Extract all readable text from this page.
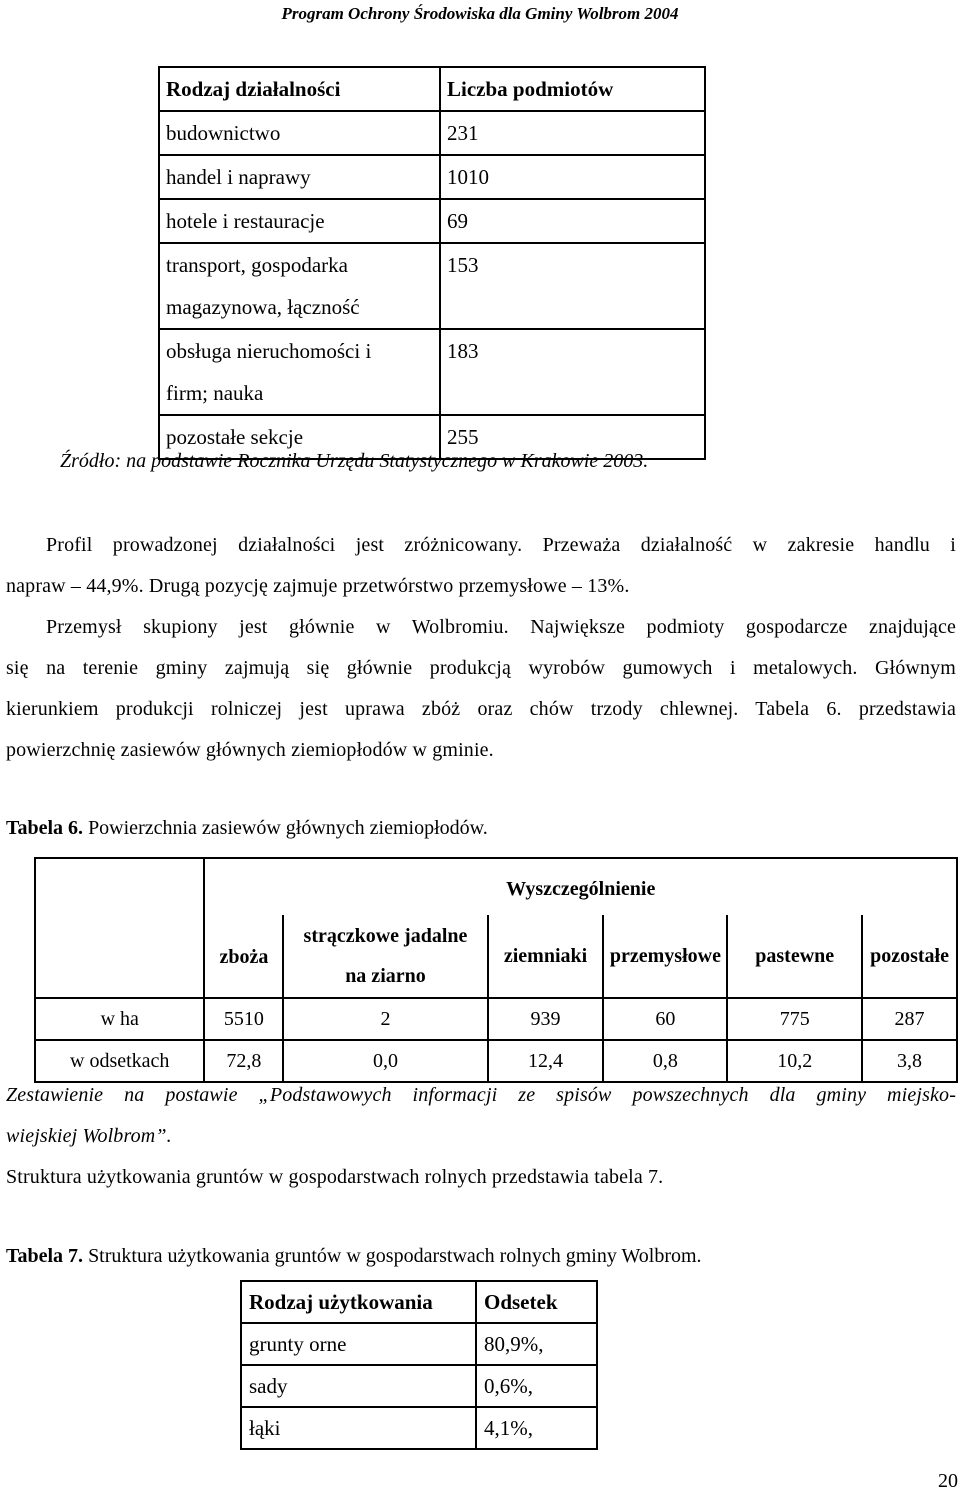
Program Ochrony Środowiska dla Gminy Wolbrom 2004
Rodzaj działalności	Liczba podmiotów
budownictwo	231
handel i naprawy	1010
hotele i restauracje	69

transport, gospodarka
magazynowa, łączność	153

obsługa nieruchomości i
firm; nauka	183
pozostałe sekcje	255
Źródło: na podstawie Rocznika Urzędu Statystycznego w Krakowie 2003.
Profil prowadzonej działalności jest zróżnicowany. Przeważa działalność w zakresie handlu i
napraw – 44,9%. Drugą pozycję zajmuje przetwórstwo przemysłowe – 13%.
Przemysł skupiony jest głównie w Wolbromiu. Największe podmioty gospodarcze znajdujące
się na terenie gminy zajmują się głównie produkcją wyrobów gumowych i metalowych. Głównym
kierunkiem produkcji rolniczej jest uprawa zbóż oraz chów trzody chlewnej. Tabela 6. przedstawia
powierzchnię zasiewów głównych ziemiopłodów w gminie.
Tabela 6. Powierzchnia zasiewów głównych ziemiopłodów.
	Wyszczególnienie					
	zboża	strączkowe jadalne
na ziarno	ziemniaki	przemysłowe	pastewne	pozostałe
w ha	5510	2	939	60	775	287
w odsetkach	72,8	0,0	12,4	0,8	10,2	3,8
Zestawienie na postawie „Podstawowych informacji ze spisów powszechnych dla gminy miejsko-
wiejskiej Wolbrom”.
Struktura użytkowania gruntów w gospodarstwach rolnych przedstawia tabela 7.
Tabela 7. Struktura użytkowania gruntów w gospodarstwach rolnych gminy Wolbrom.
Rodzaj użytkowania	Odsetek
grunty orne	80,9%,
sady	0,6%,
łąki	4,1%,
20
